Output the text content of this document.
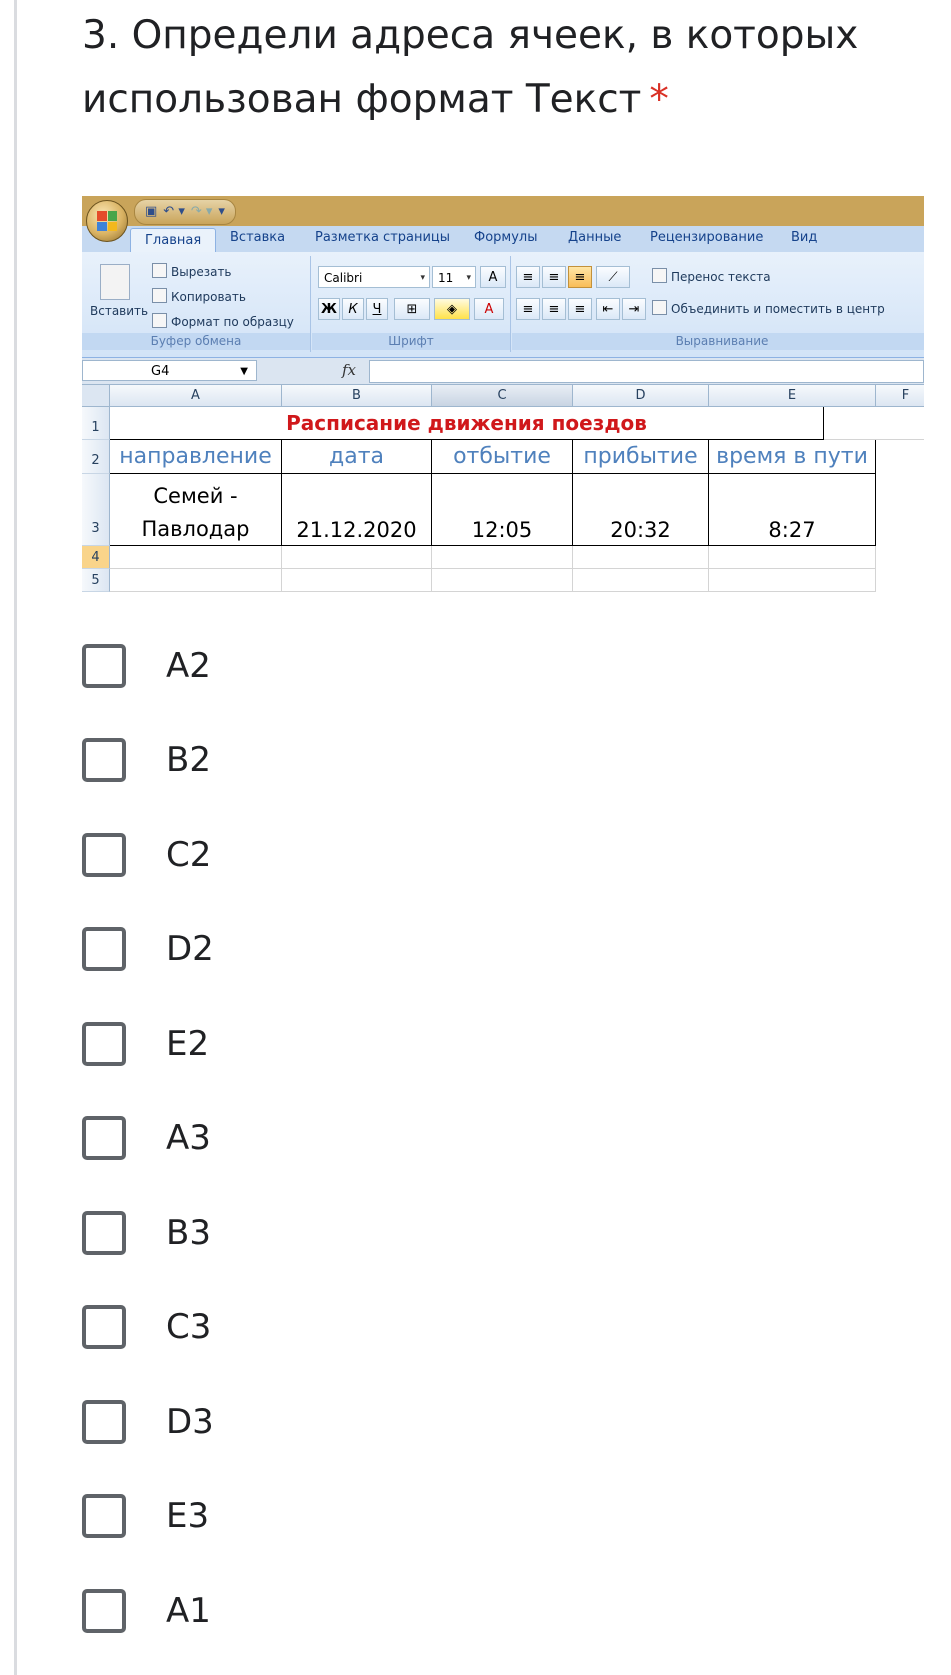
3. Определи адреса ячеек, в которых использован формат Текст *
▣ ↶ ▾ ↷ ▾ ▾
Главная	Вставка Разметка страницы Формулы Данные Рецензирование Вид
Вставить
Вырезать
Копировать
Формат по образцу
Буфер обмена
Calibri	▾	11 ▾	A
Ж К	Ч	⊞	◈	A
Шрифт
≡	≡	≡	⟋
≡	≡	≡	⇤	⇥
Перенос текста
Объединить и поместить в центр
Выравнивание
G4	▼	fx
A	B	C	D	E	F
1
2
3
4
5
Расписание движения поездов
направление	дата	отбытие	прибытие время в пути
Семей -
Павлодар	21.12.2020	12:05	20:32	8:27
A2
B2
C2
D2
E2
A3
B3
C3
D3
E3
A1
